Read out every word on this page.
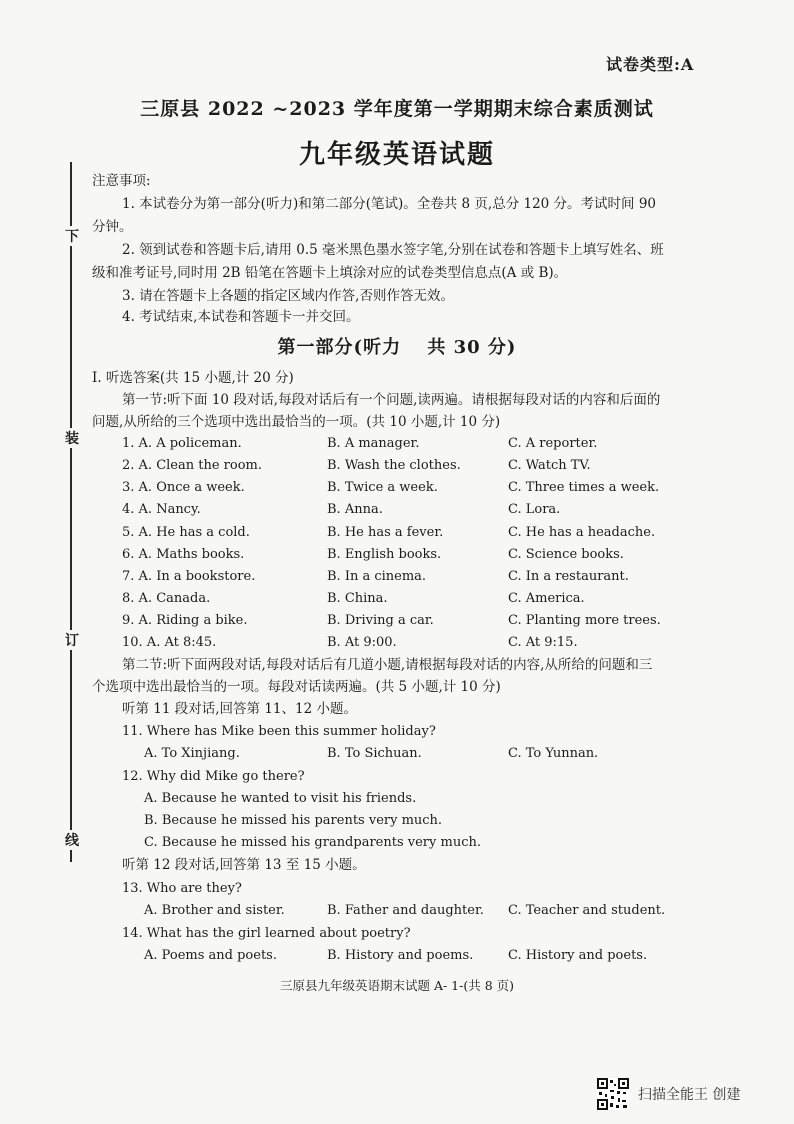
试卷类型:A
三原县 2022 ~2023 学年度第一学期期末综合素质测试
九年级英语试题
下
装
订
线
注意事项:
1. 本试卷分为第一部分(听力)和第二部分(笔试)。全卷共 8 页,总分 120 分。考试时间 90
分钟。
2. 领到试卷和答题卡后,请用 0.5 毫米黑色墨水签字笔,分别在试卷和答题卡上填写姓名、班
级和准考证号,同时用 2B 铅笔在答题卡上填涂对应的试卷类型信息点(A 或 B)。
3. 请在答题卡上各题的指定区域内作答,否则作答无效。
4. 考试结束,本试卷和答题卡一并交回。
第一部分(听力　 共 30 分)
Ⅰ. 听选答案(共 15 小题,计 20 分)
第一节:听下面 10 段对话,每段对话后有一个问题,读两遍。请根据每段对话的内容和后面的
问题,从所给的三个选项中选出最恰当的一项。(共 10 小题,计 10 分)
1. A. A policeman.	B. A manager.	C. A reporter.
2. A. Clean the room.	B. Wash the clothes.	C. Watch TV.
3. A. Once a week.	B. Twice a week.	C. Three times a week.
4. A. Nancy.	B. Anna.	C. Lora.
5. A. He has a cold.	B. He has a fever.	C. He has a headache.
6. A. Maths books.	B. English books.	C. Science books.
7. A. In a bookstore.	B. In a cinema.	C. In a restaurant.
8. A. Canada.	B. China.	C. America.
9. A. Riding a bike.	B. Driving a car.	C. Planting more trees.
10. A. At 8:45.	B. At 9:00.	C. At 9:15.
第二节:听下面两段对话,每段对话后有几道小题,请根据每段对话的内容,从所给的问题和三
个选项中选出最恰当的一项。每段对话读两遍。(共 5 小题,计 10 分)
听第 11 段对话,回答第 11、12 小题。
11. Where has Mike been this summer holiday?
A. To Xinjiang.	B. To Sichuan.	C. To Yunnan.
12. Why did Mike go there?
A. Because he wanted to visit his friends.
B. Because he missed his parents very much.
C. Because he missed his grandparents very much.
听第 12 段对话,回答第 13 至 15 小题。
13. Who are they?
A. Brother and sister.	B. Father and daughter. C. Teacher and student.
14. What has the girl learned about poetry?
A. Poems and poets.	B. History and poems.	C. History and poets.
三原县九年级英语期末试题 A- 1-(共 8 页)
扫描全能王 创建
